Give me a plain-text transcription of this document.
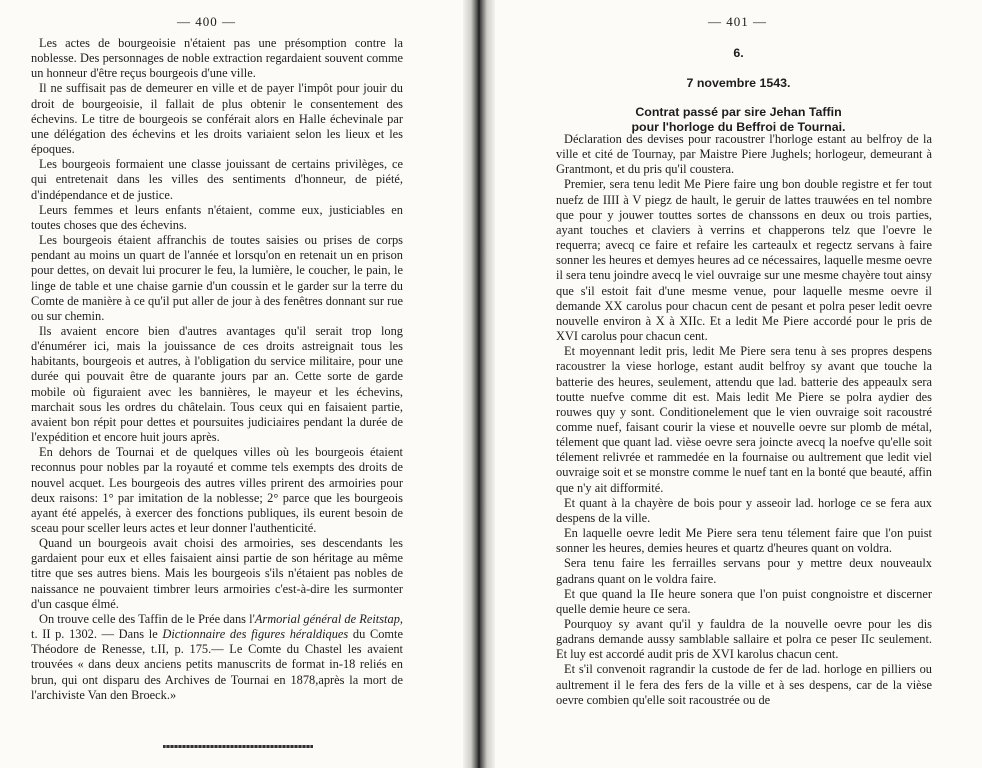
— 400 —

Les actes de bourgeoisie n'étaient pas une présomption contre la noblesse. Des personnages de noble extraction regardaient souvent comme un honneur d'être reçus bourgeois d'une ville.

Il ne suffisait pas de demeurer en ville et de payer l'impôt pour jouir du droit de bourgeoisie, il fallait de plus obtenir le consentement des échevins. Le titre de bourgeois se conférait alors en Halle échevinale par une délégation des échevins et les droits variaient selon les lieux et les époques.

Les bourgeois formaient une classe jouissant de certains privilèges, ce qui entretenait dans les villes des sentiments d'honneur, de piété, d'indépendance et de justice.

Leurs femmes et leurs enfants n'étaient, comme eux, justiciables en toutes choses que des échevins.

Les bourgeois étaient affranchis de toutes saisies ou prises de corps pendant au moins un quart de l'année et lorsqu'on en retenait un en prison pour dettes, on devait lui procurer le feu, la lumière, le coucher, le pain, le linge de table et une chaise garnie d'un coussin et le garder sur la terre du Comte de manière à ce qu'il put aller de jour à des fenêtres donnant sur rue ou sur chemin.

Ils avaient encore bien d'autres avantages qu'il serait trop long d'énumérer ici, mais la jouissance de ces droits astreignait tous les habitants, bourgeois et autres, à l'obligation du service militaire, pour une durée qui pouvait être de quarante jours par an. Cette sorte de garde mobile où figuraient avec les bannières, le mayeur et les échevins, marchait sous les ordres du châtelain. Tous ceux qui en faisaient partie, avaient bon répit pour dettes et poursuites judiciaires pendant la durée de l'expédition et encore huit jours après.

En dehors de Tournai et de quelques villes où les bourgeois étaient reconnus pour nobles par la royauté et comme tels exempts des droits de nouvel acquet. Les bourgeois des autres villes prirent des armoiries pour deux raisons: 1° par imitation de la noblesse; 2° parce que les bourgeois ayant été appelés, à exercer des fonctions publiques, ils eurent besoin de sceau pour sceller leurs actes et leur donner l'authenticité.

Quand un bourgeois avait choisi des armoiries, ses descendants les gardaient pour eux et elles faisaient ainsi partie de son héritage au même titre que ses autres biens. Mais les bourgeois s'ils n'étaient pas nobles de naissance ne pouvaient timbrer leurs armoiries c'est-à-dire les surmonter d'un casque élmé.

On trouve celle des Taffin de le Prée dans l'Armorial général de Reitstap, t. II p. 1302. — Dans le Dictionnaire des figures héraldiques du Comte Théodore de Renesse, t.II, p. 175.— Le Comte du Chastel les avaient trouvées « dans deux anciens petits manuscrits de format in-18 reliés en brun, qui ont disparu des Archives de Tournai en 1878,après la mort de l'archiviste Van den Broeck.»

— 401 —
6.
7 novembre 1543.
Contrat passé par sire Jehan Taffin
pour l'horloge du Beffroi de Tournai.

Déclaration des devises pour racoustrer l'horloge estant au belfroy de la ville et cité de Tournay, par Maistre Piere Jughels; horlogeur, demeurant à Grantmont, et du pris qu'il coustera.

Premier, sera tenu ledit Me Piere faire ung bon double registre et fer tout nuefz de IIII à V piegz de hault, le geruir de lattes trauwées en tel nombre que pour y jouwer touttes sortes de chanssons en deux ou trois parties, ayant touches et claviers à verrins et chapperons telz que l'oevre le requerra; avecq ce faire et refaire les carteaulx et regectz servans à faire sonner les heures et demyes heures ad ce nécessaires, laquelle mesme oevre il sera tenu joindre avecq le viel ouvraige sur une mesme chayère tout ainsy que s'il estoit fait d'une mesme venue, pour laquelle mesme oevre il demande XX carolus pour chacun cent de pesant et polra peser ledit oevre nouvelle environ à X à XIIc. Et a ledit Me Piere accordé pour le pris de XVI carolus pour chacun cent.

Et moyennant ledit pris, ledit Me Piere sera tenu à ses propres despens racoustrer la viese horloge, estant audit belfroy sy avant que touche la batterie des heures, seulement, attendu que lad. batterie des appeaulx sera toutte nuefve comme dit est. Mais ledit Me Piere se polra aydier des rouwes quy y sont. Conditionelement que le vien ouvraige soit racoustré comme nuef, faisant courir la viese et nouvelle oevre sur plomb de métal, télement que quant lad. vièse oevre sera joincte avecq la noefve qu'elle soit télement relivrée et rammedée en la fournaise ou aultrement que ledit viel ouvraige soit et se monstre comme le nuef tant en la bonté que beauté, affin que n'y ait difformité.

Et quant à la chayère de bois pour y asseoir lad. horloge ce se fera aux despens de la ville.

En laquelle oevre ledit Me Piere sera tenu télement faire que l'on puist sonner les heures, demies heures et quartz d'heures quant on voldra.

Sera tenu faire les ferrailles servans pour y mettre deux nouveaulx gadrans quant on le voldra faire.

Et que quand la IIe heure sonera que l'on puist congnoistre et discerner quelle demie heure ce sera.

Pourquoy sy avant qu'il y fauldra de la nouvelle oevre pour les dis gadrans demande aussy samblable sallaire et polra ce peser IIc seulement. Et luy est accordé audit pris de XVI karolus chacun cent.

Et s'il convenoit ragrandir la custode de fer de lad. horloge en pilliers ou aultrement il le fera des fers de la ville et à ses despens, car de la vièse oevre combien qu'elle soit racoustrée ou de
